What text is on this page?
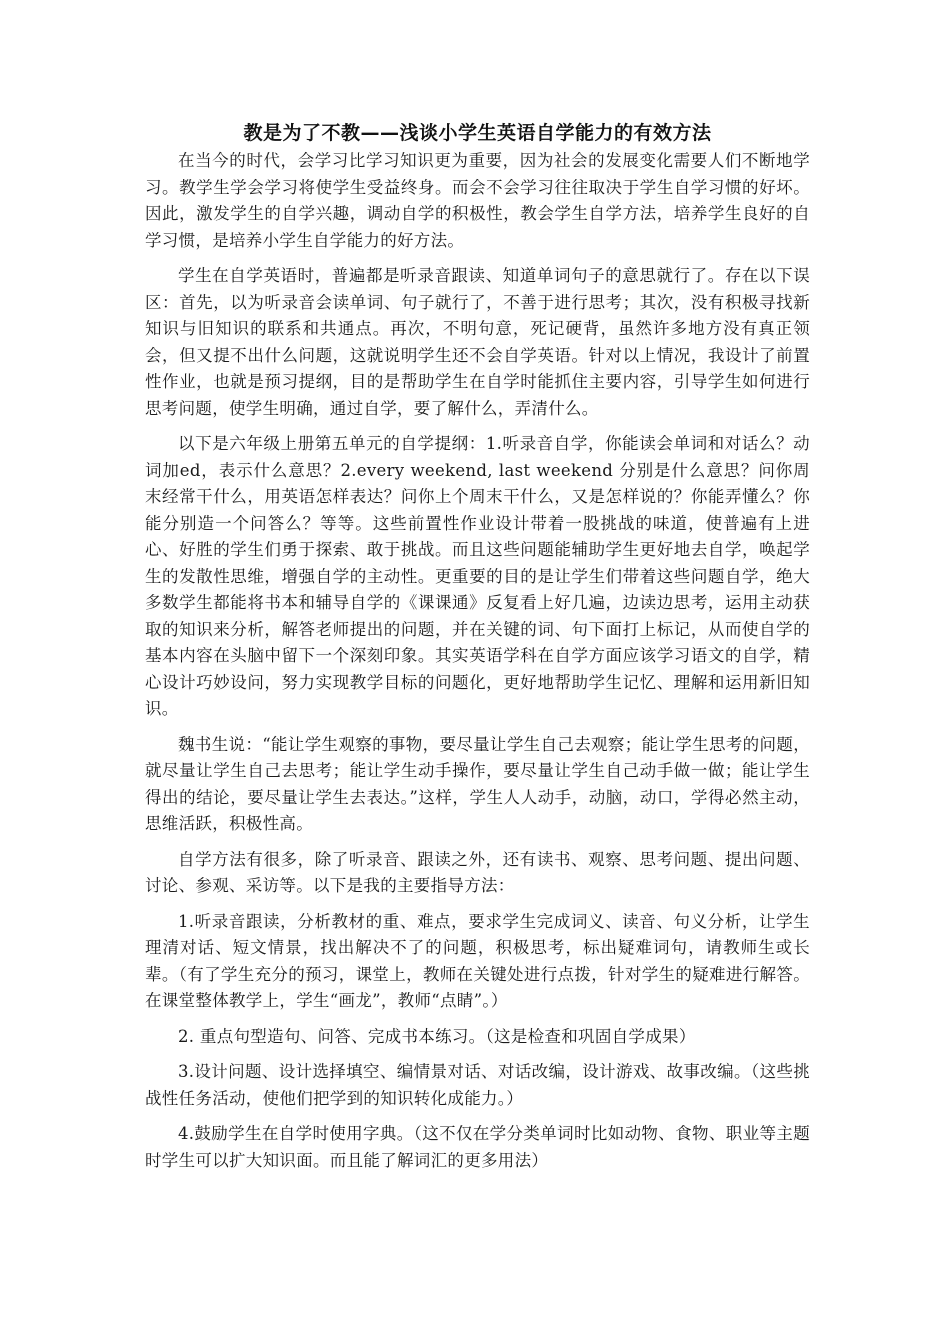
教是为了不教——浅谈小学生英语自学能力的有效方法

在当今的时代，会学习比学习知识更为重要，因为社会的发展变化需要人们不断地学习。教学生学会学习将使学生受益终身。而会不会学习往往取决于学生自学习惯的好坏。因此，激发学生的自学兴趣，调动自学的积极性，教会学生自学方法，培养学生良好的自学习惯，是培养小学生自学能力的好方法。

学生在自学英语时，普遍都是听录音跟读、知道单词句子的意思就行了。存在以下误区：首先，以为听录音会读单词、句子就行了，不善于进行思考；其次，没有积极寻找新知识与旧知识的联系和共通点。再次，不明句意，死记硬背，虽然许多地方没有真正领会，但又提不出什么问题，这就说明学生还不会自学英语。针对以上情况，我设计了前置性作业，也就是预习提纲，目的是帮助学生在自学时能抓住主要内容，引导学生如何进行思考问题，使学生明确，通过自学，要了解什么，弄清什么。

以下是六年级上册第五单元的自学提纲：1.听录音自学，你能读会单词和对话么？动词加ed，表示什么意思？2.every weekend, last weekend 分别是什么意思？问你周末经常干什么，用英语怎样表达？问你上个周末干什么，又是怎样说的？你能弄懂么？你能分别造一个问答么？等等。这些前置性作业设计带着一股挑战的味道，使普遍有上进心、好胜的学生们勇于探索、敢于挑战。而且这些问题能辅助学生更好地去自学，唤起学生的发散性思维，增强自学的主动性。更重要的目的是让学生们带着这些问题自学，绝大多数学生都能将书本和辅导自学的《课课通》反复看上好几遍，边读边思考，运用主动获取的知识来分析，解答老师提出的问题，并在关键的词、句下面打上标记，从而使自学的基本内容在头脑中留下一个深刻印象。其实英语学科在自学方面应该学习语文的自学，精心设计巧妙设问，努力实现教学目标的问题化，更好地帮助学生记忆、理解和运用新旧知识。

魏书生说：“能让学生观察的事物，要尽量让学生自己去观察；能让学生思考的问题，就尽量让学生自己去思考；能让学生动手操作，要尽量让学生自己动手做一做；能让学生得出的结论，要尽量让学生去表达。”这样，学生人人动手，动脑，动口，学得必然主动，思维活跃，积极性高。

自学方法有很多，除了听录音、跟读之外，还有读书、观察、思考问题、提出问题、讨论、参观、采访等。以下是我的主要指导方法：

1.听录音跟读，分析教材的重、难点，要求学生完成词义、读音、句义分析，让学生理清对话、短文情景，找出解决不了的问题，积极思考，标出疑难词句，请教师生或长辈。（有了学生充分的预习，课堂上，教师在关键处进行点拨，针对学生的疑难进行解答。在课堂整体教学上，学生“画龙”，教师“点睛”。）

2. 重点句型造句、问答、完成书本练习。（这是检查和巩固自学成果）

3.设计问题、设计选择填空、编情景对话、对话改编，设计游戏、故事改编。（这些挑战性任务活动，使他们把学到的知识转化成能力。）

4.鼓励学生在自学时使用字典。（这不仅在学分类单词时比如动物、食物、职业等主题时学生可以扩大知识面。而且能了解词汇的更多用法）
